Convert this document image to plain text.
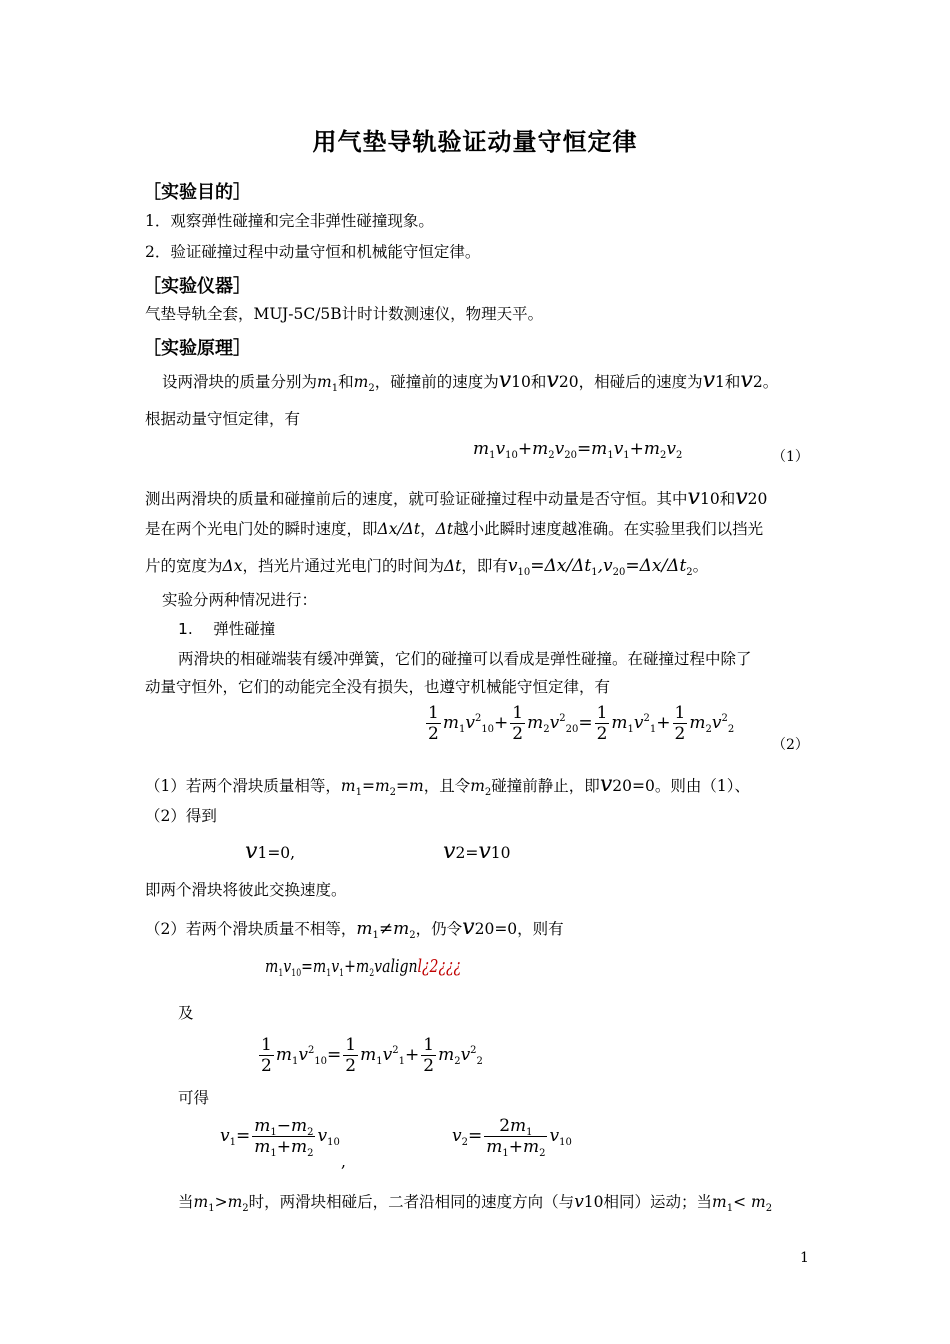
用气垫导轨验证动量守恒定律
［实验目的］
1．观察弹性碰撞和完全非弹性碰撞现象。
2．验证碰撞过程中动量守恒和机械能守恒定律。
［实验仪器］
气垫导轨全套，MUJ-5C/5B计时计数测速仪，物理天平。
［实验原理］
设两滑块的质量分别为$m_1$和$m_2$，碰撞前的速度为v10和v20，相碰后的速度为v1和v2。
根据动量守恒定律，有
$m_1v_{10}+m_2v_{20}=m_1v_1+m_2v_2$	（1）
测出两滑块的质量和碰撞前后的速度，就可验证碰撞过程中动量是否守恒。其中v10和v20
是在两个光电门处的瞬时速度，即Δx/Δt，Δt越小此瞬时速度越准确。在实验里我们以挡光
片的宽度为Δx，挡光片通过光电门的时间为Δt，即有$v_{10}=\Delta x/\Delta t_1,v_{20}=\Delta x/\Delta t_2$。
实验分两种情况进行：
1.　 弹性碰撞
两滑块的相碰端装有缓冲弹簧，它们的碰撞可以看成是弹性碰撞。在碰撞过程中除了
动量守恒外，它们的动能完全没有损失，也遵守机械能守恒定律，有
$\frac{1}{2} m_1v^2_{10}+ \frac{1}{2} m_2v^2_{20}= \frac{1}{2} m_1v^2_1+ \frac{1}{2} m_2v^2_2$
（2）
（1）若两个滑块质量相等，$m_1=m_2=m$，且令$m_2$碰撞前静止，即v20=0。则由（1）、
（2）得到
v1=0,	v2=v10
即两个滑块将彼此交换速度。
（2）若两个滑块质量不相等，$m_1\ne m_2$，仍令v20=0，则有
$m_1v_{10}=m_1v_1+m_2valignl¿2¿¿¿$
及
$\frac{1}{2} m_1v^2_{10}= \frac{1}{2} m_1v^2_1+ \frac{1}{2} m_2v^2_2$
可得
$v_1= \frac{m_1-m_2}{m_1+m_2} v_{10}$
,
$v_2= \frac{2m_1}{m_1+m_2} v_{10}$
当$m_1>m_2$时，两滑块相碰后，二者沿相同的速度方向（与v10相同）运动；当$m_1< m_2$
1
